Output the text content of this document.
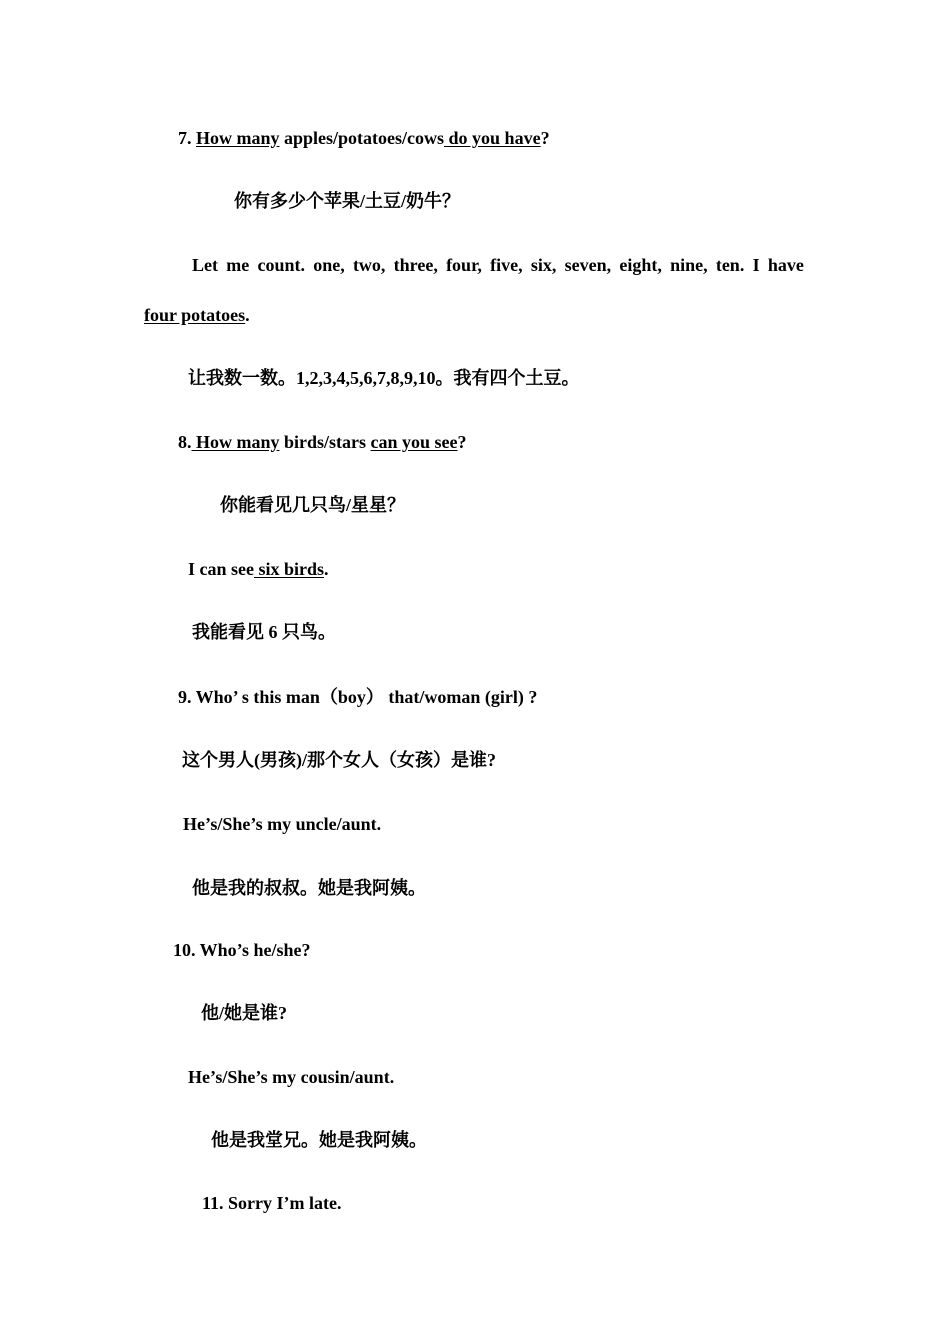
7. How many apples/potatoes/cows do you have?
你有多少个苹果/土豆/奶牛？
Let me count. one, two, three, four, five, six, seven, eight, nine, ten. I have
four potatoes.
让我数一数。1,2,3,4,5,6,7,8,9,10。我有四个土豆。
8. How many birds/stars can you see?
你能看见几只鸟/星星？
I can see six birds.
我能看见 6 只鸟。
9. Who’ s this man（boy） that/woman (girl) ?
这个男人(男孩)/那个女人（女孩）是谁?
He’s/She’s my uncle/aunt.
他是我的叔叔。她是我阿姨。
10. Who’s he/she?
他/她是谁?
He’s/She’s my cousin/aunt.
他是我堂兄。她是我阿姨。
11. Sorry I’m late.
